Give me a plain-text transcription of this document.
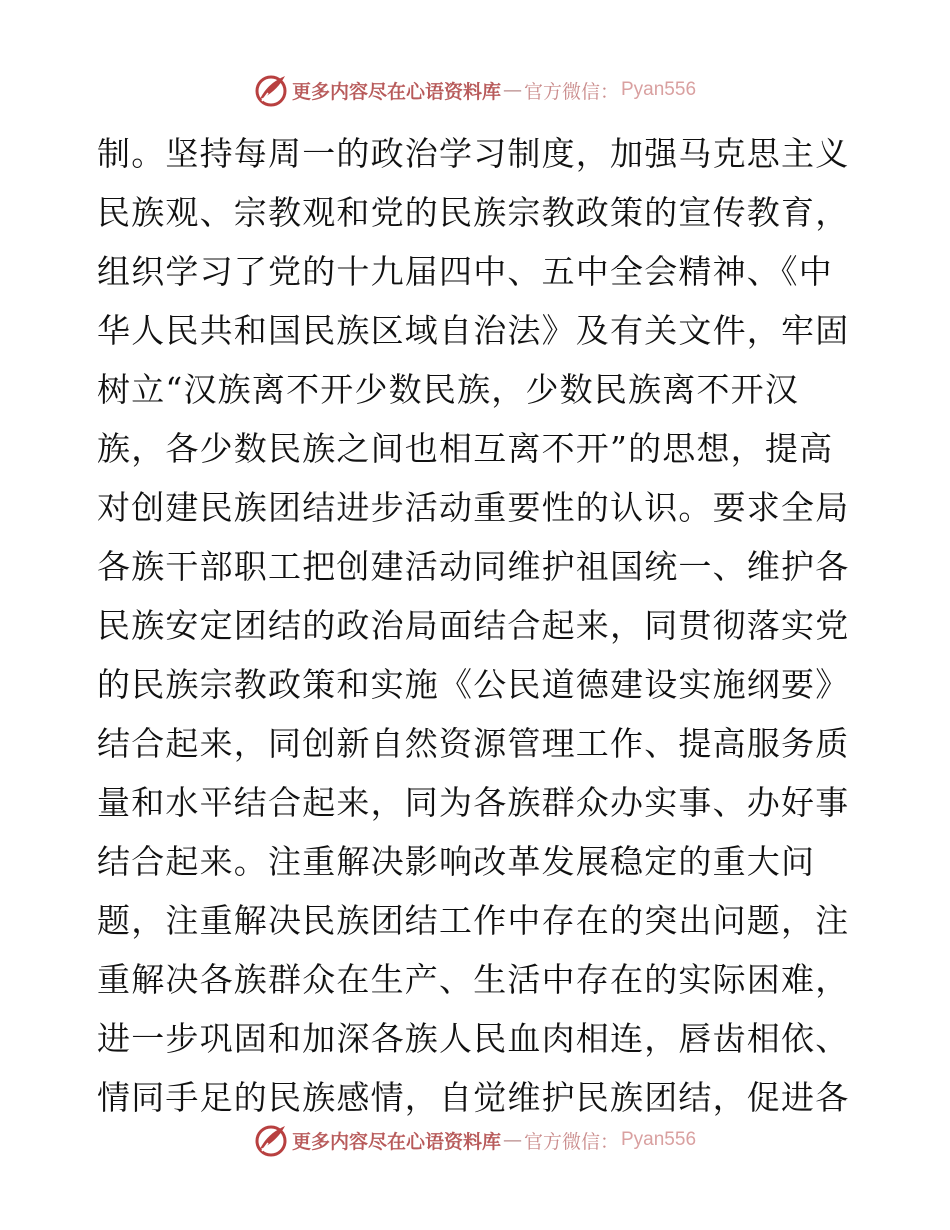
更多内容尽在心语资料库 — 官方微信： Pyan556
制。坚持每周一的政治学习制度，加强马克思主义
民族观、宗教观和党的民族宗教政策的宣传教育，
组织学习了党的十九届四中、五中全会精神、《中
华人民共和国民族区域自治法》及有关文件，牢固
树立“汉族离不开少数民族，少数民族离不开汉
族，各少数民族之间也相互离不开”的思想，提高
对创建民族团结进步活动重要性的认识。要求全局
各族干部职工把创建活动同维护祖国统一、维护各
民族安定团结的政治局面结合起来，同贯彻落实党
的民族宗教政策和实施《公民道德建设实施纲要》
结合起来，同创新自然资源管理工作、提高服务质
量和水平结合起来，同为各族群众办实事、办好事
结合起来。注重解决影响改革发展稳定的重大问
题，注重解决民族团结工作中存在的突出问题，注
重解决各族群众在生产、生活中存在的实际困难，
进一步巩固和加深各族人民血肉相连，唇齿相依、
情同手足的民族感情，自觉维护民族团结，促进各
更多内容尽在心语资料库 — 官方微信： Pyan556
